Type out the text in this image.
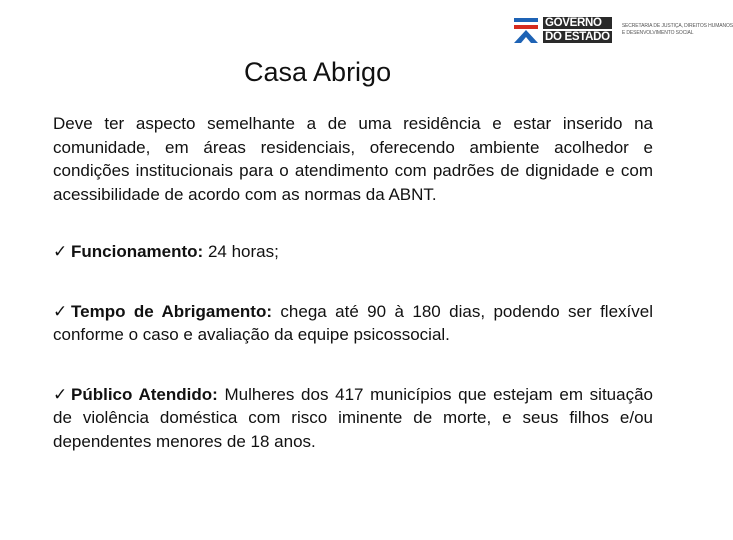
GOVERNO
DO ESTADO
SECRETARIA DE JUSTIÇA, DIREITOS HUMANOS
E DESENVOLVIMENTO SOCIAL
Casa Abrigo

Deve ter aspecto semelhante a de uma residência e estar inserido na comunidade, em áreas residenciais, oferecendo ambiente acolhedor e condições institucionais para o atendimento com padrões de dignidade e com acessibilidade de acordo com as normas da ABNT.

✓ Funcionamento: 24 horas;

✓ Tempo de Abrigamento: chega até 90 à 180 dias, podendo ser flexível conforme o caso e avaliação da equipe psicossocial.

✓ Público Atendido: Mulheres dos 417 municípios que estejam em situação de violência doméstica com risco iminente de morte, e seus filhos e/ou dependentes menores de 18 anos.
